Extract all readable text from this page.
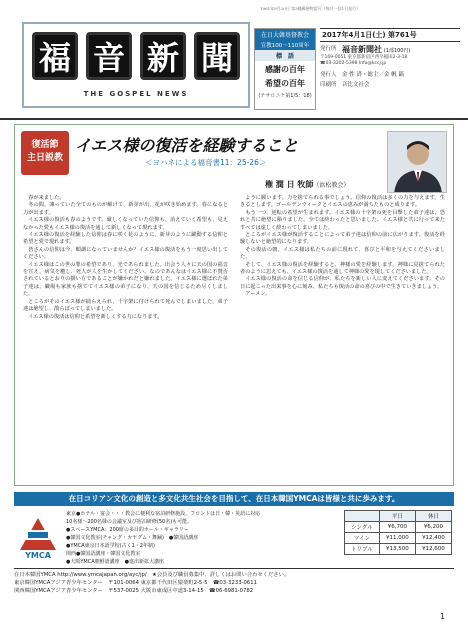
1961年9月20日 第3種郵便物認可（毎月一回1日発行）
福 音 新 聞
THE GOSPEL NEWS
在日大韓基督教会
宣教100〜110周年
標　語
感謝の百年
希望の百年
(テサロニケ第1/5：18)
2017年4月1日(土) 第761号
発行所 福音新聞社 (1部100円)
〒169-0051 東京都新宿区西早稲田2-3-18
☎03-3202-5398 Info@kccj.jp
発行人 金 性 済・総主／金 帆 鎬
印刷所 音比文社会
復活節
主日説教
イエス様の復活を経験すること
＜ヨハネによる福音書11：25-26＞
権 潤 日 牧師（浜松教会）

春が来ました。

冬の間、凍っていた全てのものが解けて、新芽が出、花が咲き始めます。春になると力が出ます。

イエス様の復活も春のようです。厳しくなっていた信仰も、消えていく希望も、見えなかった愛もイエス様の復活を通して新しくなって現れます。

イエス様の復活を経験した信仰は春に咲く花のように、新芽のように躍動する信仰と希望と愛で現れます。

皆さんの信仰は今、順調になっていませんか？イエス様の復活をもう一度思い出してください。

イエス様はこの世の罪の希望であり、光であられました。出会う人々に天の国の福音を宣え、病気を癒し、死人が人を生かしてください。なのであんなはイエス様に不賛否されているとおりの掛い方であることが嫌かれだと嫌れました。イエス様に選ばれた弟子達は、職場も家族も捨ててイエス様の弟子になり、天の国を信じるため尽くしました。

ところがそのイエス様が捕らえられ、十字架に付けられて死んでしまいました。弟子達は絶望し、散らばってしまいました。

イエス様の復活は信仰と希望を新しくする力になります。

ように願います。力を捨てられる事でしょう。信仰の復活は多くの力を与えます。生きるとします。ゴールデンウィークとイエスの恵みが満ちたものと成ります。

もう一つ、逆転の希望が生まれます。イエス様の十字架の死を目撃した弟子達は、恐れと共に絶望に陥りました。全ては終わったと思いました。イエス様と共に行って来たすべては虚しく終わってしまいました。

ところがイエス様が復活することによって弟子達は信仰の前に広がります。復活を経験しないと絶望的になります。

その復活の朝、イエス様は私たちの前に現れて、喜びと平和を与えてくださいました。

そして、イエス様の復活を経験すると、神様の愛を経験します。神様に見捨てられた者のように思えても、イエス様の復活を通して神様の愛を現してくださいました。

イエス様の復活の命を信じる信仰が、私たちを新しい人に変えてくださいます。その日に起こった出来事を心に刻み、私たちも復活の命の喜びの中で生きていきましょう。

アーメン。

在日コリアン文化の創造と多文化共生社会を目指して、在日本韓国YMCAは皆様と共に歩みます。
YMCA
東京●ホテル・宴会・・・教会に便利な宿泊研修施設、フロントは日・韓・英語に対応
10名様～200名様の会議室及び宿泊研修(50名)も可能。
●スペースYMCA：200席の多目的ホール・ギャラリー
●韓国文化教室(チャング・カヤグム・舞踊)　●韓国語講座
●YMCA東京日本語学校(古く1・2年制)
関西●韓国語講座・韓国文化教室
●大阪YMCA朝鮮語講座　●進出新拡大講座
	平日	休日
シングル	¥6,700	¥6,200
ツイン	¥11,000	¥12,400
トリプル	¥13,500	¥12,600
在日本韓国YMCA http://www.ymcajapan.org/ayc/jp/　★会員及び職員募集中、詳しくはお問い合わせください。
東京韓国YMCAアジア青少年センター　〒101-0064 東京都千代田区猿楽町2-5-5　☎03-3233-0611
関西韓国YMCAアジア青少年センター　〒537-0025 大阪市東成区中道3-14-15　☎06-6981-0782
1
